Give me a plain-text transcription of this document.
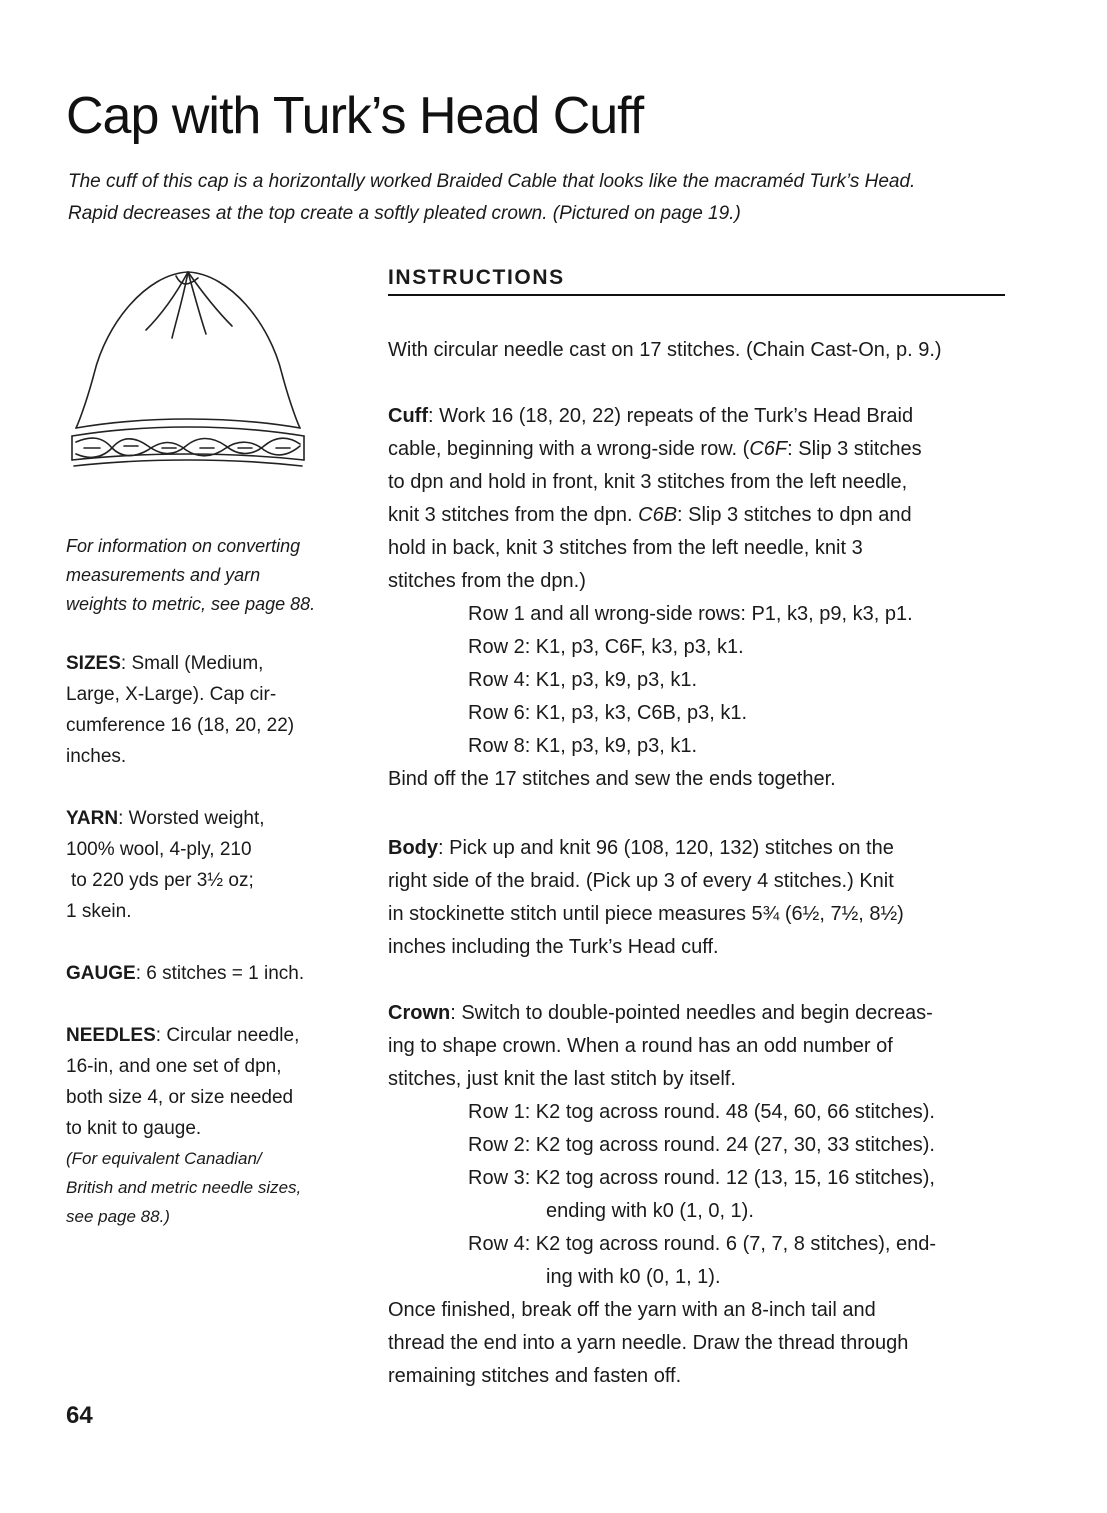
Cap with Turk’s Head Cuff
The cuff of this cap is a horizontally worked Braided Cable that looks like the macraméd Turk’s Head.
Rapid decreases at the top create a softly pleated crown. (Pictured on page 19.)
For information on converting
measurements and yarn
weights to metric, see page 88.
SIZES: Small (Medium,
Large, X-Large). Cap cir-
cumference 16 (18, 20, 22)
inches.
YARN: Worsted weight,
100% wool, 4-ply, 210
to 220 yds per 3½ oz;
1 skein.
GAUGE: 6 stitches = 1 inch.
NEEDLES: Circular needle,
16-in, and one set of dpn,
both size 4, or size needed
to knit to gauge.
(For equivalent Canadian/
British and metric needle sizes,
see page 88.)
INSTRUCTIONS
With circular needle cast on 17 stitches. (Chain Cast-On, p. 9.)
Cuff: Work 16 (18, 20, 22) repeats of the Turk’s Head Braid
cable, beginning with a wrong-side row. (C6F: Slip 3 stitches
to dpn and hold in front, knit 3 stitches from the left needle,
knit 3 stitches from the dpn. C6B: Slip 3 stitches to dpn and
hold in back, knit 3 stitches from the left needle, knit 3
stitches from the dpn.)
Row 1 and all wrong-side rows: P1, k3, p9, k3, p1.
Row 2: K1, p3, C6F, k3, p3, k1.
Row 4: K1, p3, k9, p3, k1.
Row 6: K1, p3, k3, C6B, p3, k1.
Row 8: K1, p3, k9, p3, k1.
Bind off the 17 stitches and sew the ends together.
Body: Pick up and knit 96 (108, 120, 132) stitches on the
right side of the braid. (Pick up 3 of every 4 stitches.) Knit
in stockinette stitch until piece measures 5¾ (6½, 7½, 8½)
inches including the Turk’s Head cuff.
Crown: Switch to double-pointed needles and begin decreas-
ing to shape crown. When a round has an odd number of
stitches, just knit the last stitch by itself.
Row 1: K2 tog across round. 48 (54, 60, 66 stitches).
Row 2: K2 tog across round. 24 (27, 30, 33 stitches).
Row 3: K2 tog across round. 12 (13, 15, 16 stitches),
ending with k0 (1, 0, 1).
Row 4: K2 tog across round. 6 (7, 7, 8 stitches), end-
ing with k0 (0, 1, 1).
Once finished, break off the yarn with an 8-inch tail and
thread the end into a yarn needle. Draw the thread through
remaining stitches and fasten off.
64
